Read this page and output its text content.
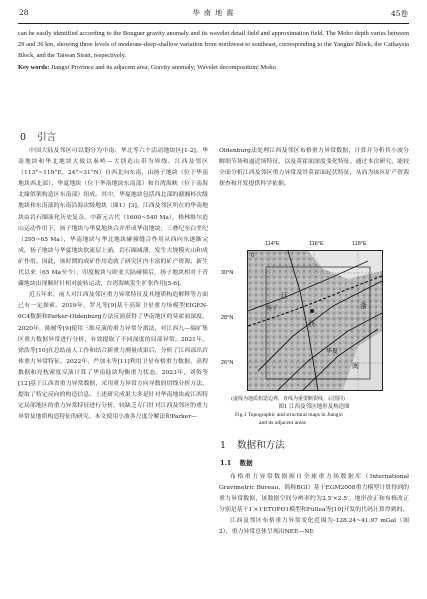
28	华 南 地 震	45卷

can be easily identified according to the Bouguer gravity anomaly and its wavelet detail field and approximation field. The Moho depth varies between 29 and 36 km, showing three levels of moderate-deep-shallow variation from northwest to southeast, corresponding to the Yangtze Block, the Cathaysia Block, and the Taiwan Strait, respectively.

Key words: Jiangxi Province and its adjacent area; Gravity anomaly; Wavelet decomposition; Moho

0 引言

中国大陆及邻区可以划分为中南、华北等六个活动地块区[1-2]。华南地块和华北地块大致以秦岭—大别造山带为界线。江西及邻区（113°~119°E，24°~31°N）自西北向东南，由扬子地块（位于华南地块西北部）、华夏地块（位于华南地块东南部）和台湾海峡（位于南海北缘似架构造区东南部）组成。其中，华夏地块包括西北部的赣湘桂次级地块和东南部的东南沿海次级地块（图1）[3]。江西及邻区所在的华南地块由岩石圈演化历史复杂，中新元古代（1600~540 Ma），格林维尔造山运动作用下，扬子地块与华夏地块合并形成华南地块；三叠纪至白垩纪（295~65 Ma），华南地块与华北地块碰撞缝合作用从西向东逐渐完成。扬子地块与华夏地块软流层上涌，岩石圈减薄，发生大规模火山和成矿作用。因此，该时期的成矿作用造就了研究区内丰富的矿产资源；新生代以来（65 Ma至今），印度板块与欧亚大陆碰撞后，扬子地块相对于青藏地块出现顺时针相对旋转运动，台湾海峡发生扩张作用[5-6]。

近五年来，前人对江西及邻区重力异常特征及其地质构造解释等方面已有一定探索。2019年，罗凡等[9]基于高阶卫星重力场模型EIGEN-6C4数据和Parker-Oldenburg方法反演获得了华南地区的莫霍面深度。2020年，陈树等[9]使用三维反演的重力异常分离法，对江西九—瑞矿集区重力数据异常进行分析，有效提取了不同深度的局部异常。2021年，徐浩等[10]在总结前人工作和结合新重力测量成果后，分析了江西部出岩体重力异常特征。2022年，严加永等[11]利用卫星布格重力数据、高程数据和亮枕密度反演计算了华南陆块均衡重力状态。2023年，刘俗等[12]基于江西省重力异常数据，采用重力异常方向导数的切线分析方法，提取了特定反向的构造信息。上述研究成果大多是针对华南地块或江西特定局部地区的重力异常特征进行分析，较缺乏专门针对江西及邻区的重力异常及地质构造特征的研究。本文使用小波多尺度分解法和Parker—

Oldenburg法处理江西及邻区布格重力异常数据，计算并分析其小波分解细节场和逼近场特征，以及莫霍面深度变化特征。通过本次研究，能较全面分析江西及邻区重力异常及其莫霍面起伏特征，从而为该区矿产资源探查和开发提供科学依据。

114°E	116°E	118°E
30°N
28°N
26°N
0
江
西
扬子
华夏
闽
浙
(虚线为地质构造边界，直线为重要断裂线，后图同)
图1 江西及邻区地形及构造图
Fig.1 Topographic and structural maps in Jiangxi
and its adjacent areas
1 数据和方法
1.1 数据

布格重力异常数据源自全球重力场数据库（International Gravimetric Bureau，简称BGI）基于EGM2008重力模型计算得到的重力异常数据，该数据空间分辨率约为2.5′×2.5′。地形改正和布格改正分别是基于1′×1′ETOPO1模型和Fullea等[10]开发的代码计算得到的。

江西及邻区布格重力异常变化范围为-128.24~41.97 mGal（图2），重力异常总体呈现出NEE—NE
